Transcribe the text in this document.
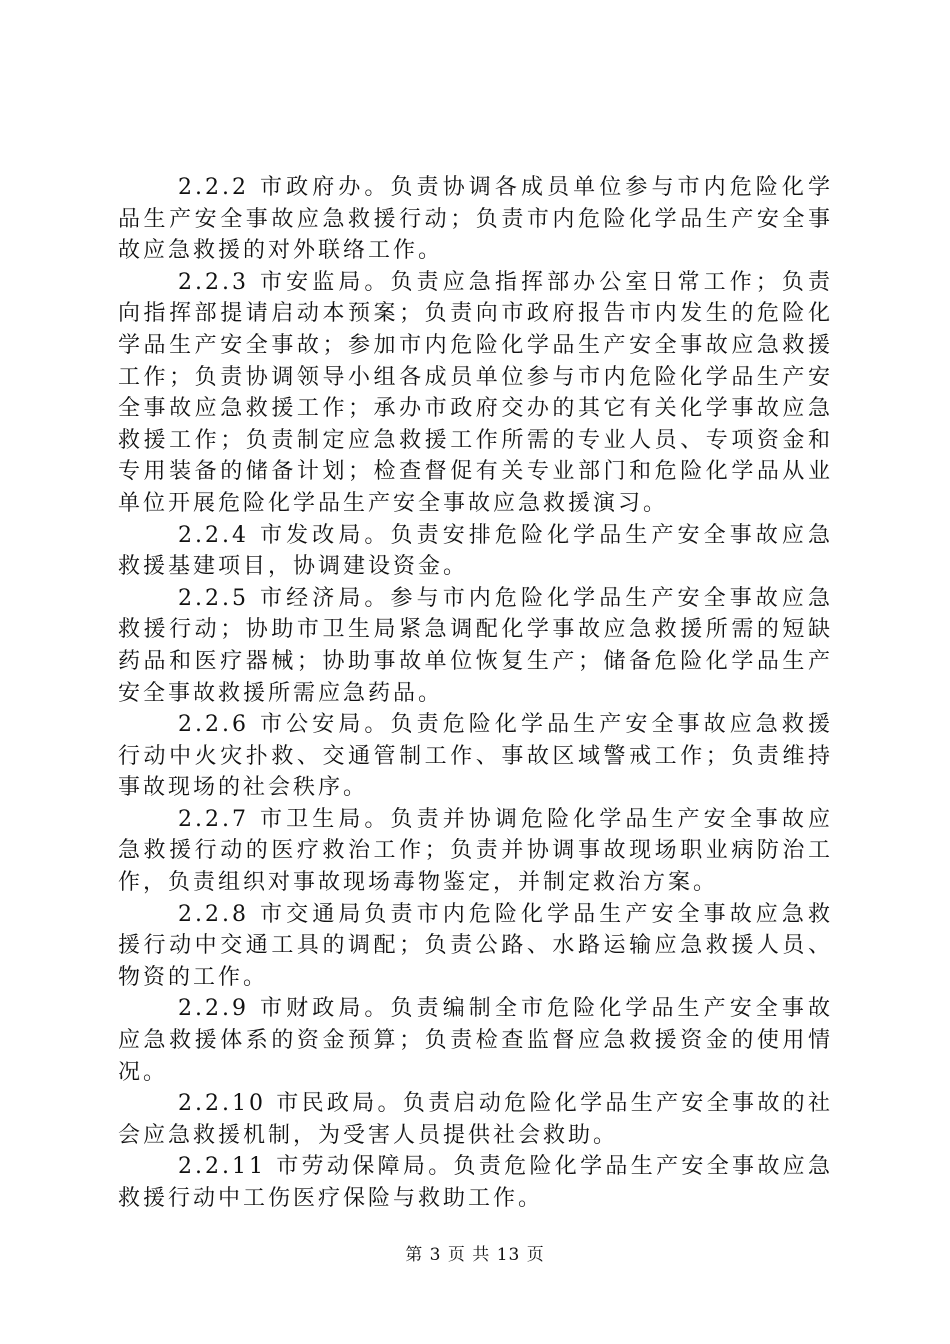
2.2.2 市政府办。负责协调各成员单位参与市内危险化学品生产安全事故应急救援行动；负责市内危险化学品生产安全事故应急救援的对外联络工作。

2.2.3 市安监局。负责应急指挥部办公室日常工作；负责向指挥部提请启动本预案；负责向市政府报告市内发生的危险化学品生产安全事故；参加市内危险化学品生产安全事故应急救援工作；负责协调领导小组各成员单位参与市内危险化学品生产安全事故应急救援工作；承办市政府交办的其它有关化学事故应急救援工作；负责制定应急救援工作所需的专业人员、专项资金和专用装备的储备计划；检查督促有关专业部门和危险化学品从业单位开展危险化学品生产安全事故应急救援演习。

2.2.4 市发改局。负责安排危险化学品生产安全事故应急救援基建项目，协调建设资金。

2.2.5 市经济局。参与市内危险化学品生产安全事故应急救援行动；协助市卫生局紧急调配化学事故应急救援所需的短缺药品和医疗器械；协助事故单位恢复生产；储备危险化学品生产安全事故救援所需应急药品。

2.2.6 市公安局。负责危险化学品生产安全事故应急救援行动中火灾扑救、交通管制工作、事故区域警戒工作；负责维持事故现场的社会秩序。

2.2.7 市卫生局。负责并协调危险化学品生产安全事故应急救援行动的医疗救治工作；负责并协调事故现场职业病防治工作，负责组织对事故现场毒物鉴定，并制定救治方案。

2.2.8 市交通局负责市内危险化学品生产安全事故应急救援行动中交通工具的调配；负责公路、水路运输应急救援人员、物资的工作。

2.2.9 市财政局。负责编制全市危险化学品生产安全事故应急救援体系的资金预算；负责检查监督应急救援资金的使用情况。

2.2.10 市民政局。负责启动危险化学品生产安全事故的社会应急救援机制，为受害人员提供社会救助。

2.2.11 市劳动保障局。负责危险化学品生产安全事故应急救援行动中工伤医疗保险与救助工作。

第 3 页 共 13 页
